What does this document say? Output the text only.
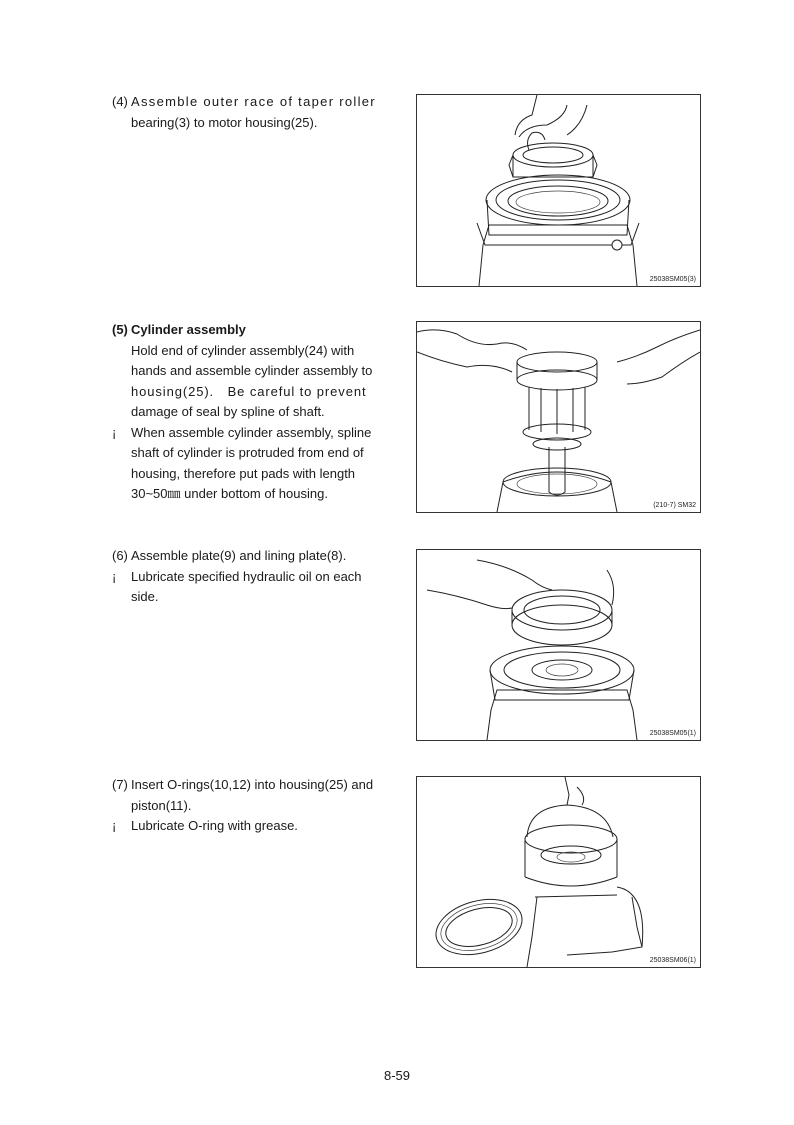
(4) Assemble outer race of taper roller
bearing(3) to motor housing(25).
(5) Cylinder assembly
Hold end of cylinder assembly(24) with
hands and assemble cylinder assembly to
housing(25).   Be careful to prevent
damage of seal by spline of shaft.
¡	When assemble cylinder assembly, spline
shaft of cylinder is protruded from end of
housing, therefore put pads with length
30~50㎜ under bottom of housing.
(6) Assemble plate(9) and lining plate(8).
¡	Lubricate specified hydraulic oil on each
side.
(7) Insert O-rings(10,12) into housing(25) and
piston(11).
¡	Lubricate O-ring with grease.
25038SM05(3)
(210-7) SM32
25038SM05(1)
25038SM06(1)
8-59
